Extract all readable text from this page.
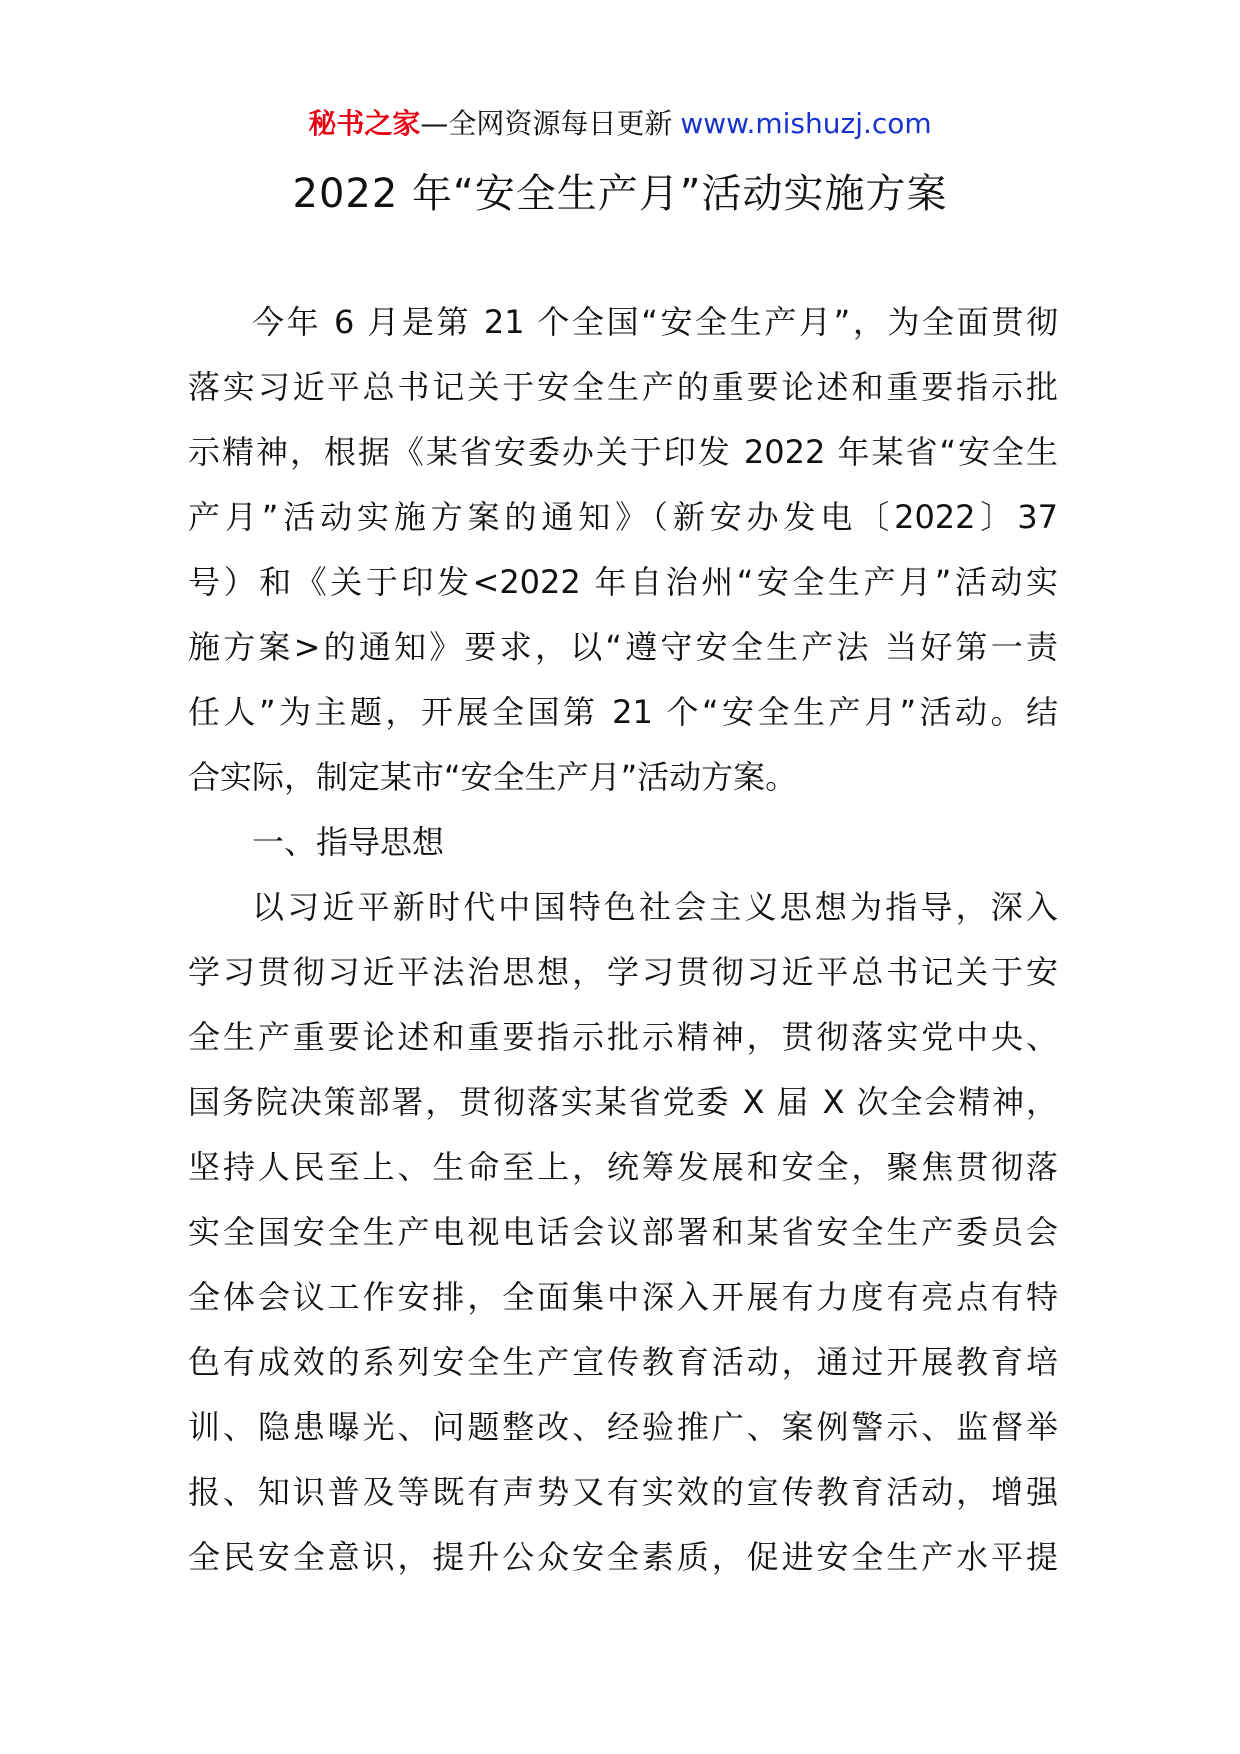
秘书之家—全网资源每日更新 www.mishuzj.com
2022 年“安全生产月”活动实施方案
今年 6 月是第 21 个全国“安全生产月”，为全面贯彻
落实习近平总书记关于安全生产的重要论述和重要指示批
示精神，根据《某省安委办关于印发 2022 年某省“安全生
产月”活动实施方案的通知》（新安办发电〔2022〕37
号）和《关于印发<2022 年自治州“安全生产月”活动实
施方案>的通知》要求，以“遵守安全生产法 当好第一责
任人”为主题，开展全国第 21 个“安全生产月”活动。结
合实际，制定某市“安全生产月”活动方案。
一、指导思想
以习近平新时代中国特色社会主义思想为指导，深入
学习贯彻习近平法治思想，学习贯彻习近平总书记关于安
全生产重要论述和重要指示批示精神，贯彻落实党中央、
国务院决策部署，贯彻落实某省党委 X 届 X 次全会精神，
坚持人民至上、生命至上，统筹发展和安全，聚焦贯彻落
实全国安全生产电视电话会议部署和某省安全生产委员会
全体会议工作安排，全面集中深入开展有力度有亮点有特
色有成效的系列安全生产宣传教育活动，通过开展教育培
训、隐患曝光、问题整改、经验推广、案例警示、监督举
报、知识普及等既有声势又有实效的宣传教育活动，增强
全民安全意识，提升公众安全素质，促进安全生产水平提
